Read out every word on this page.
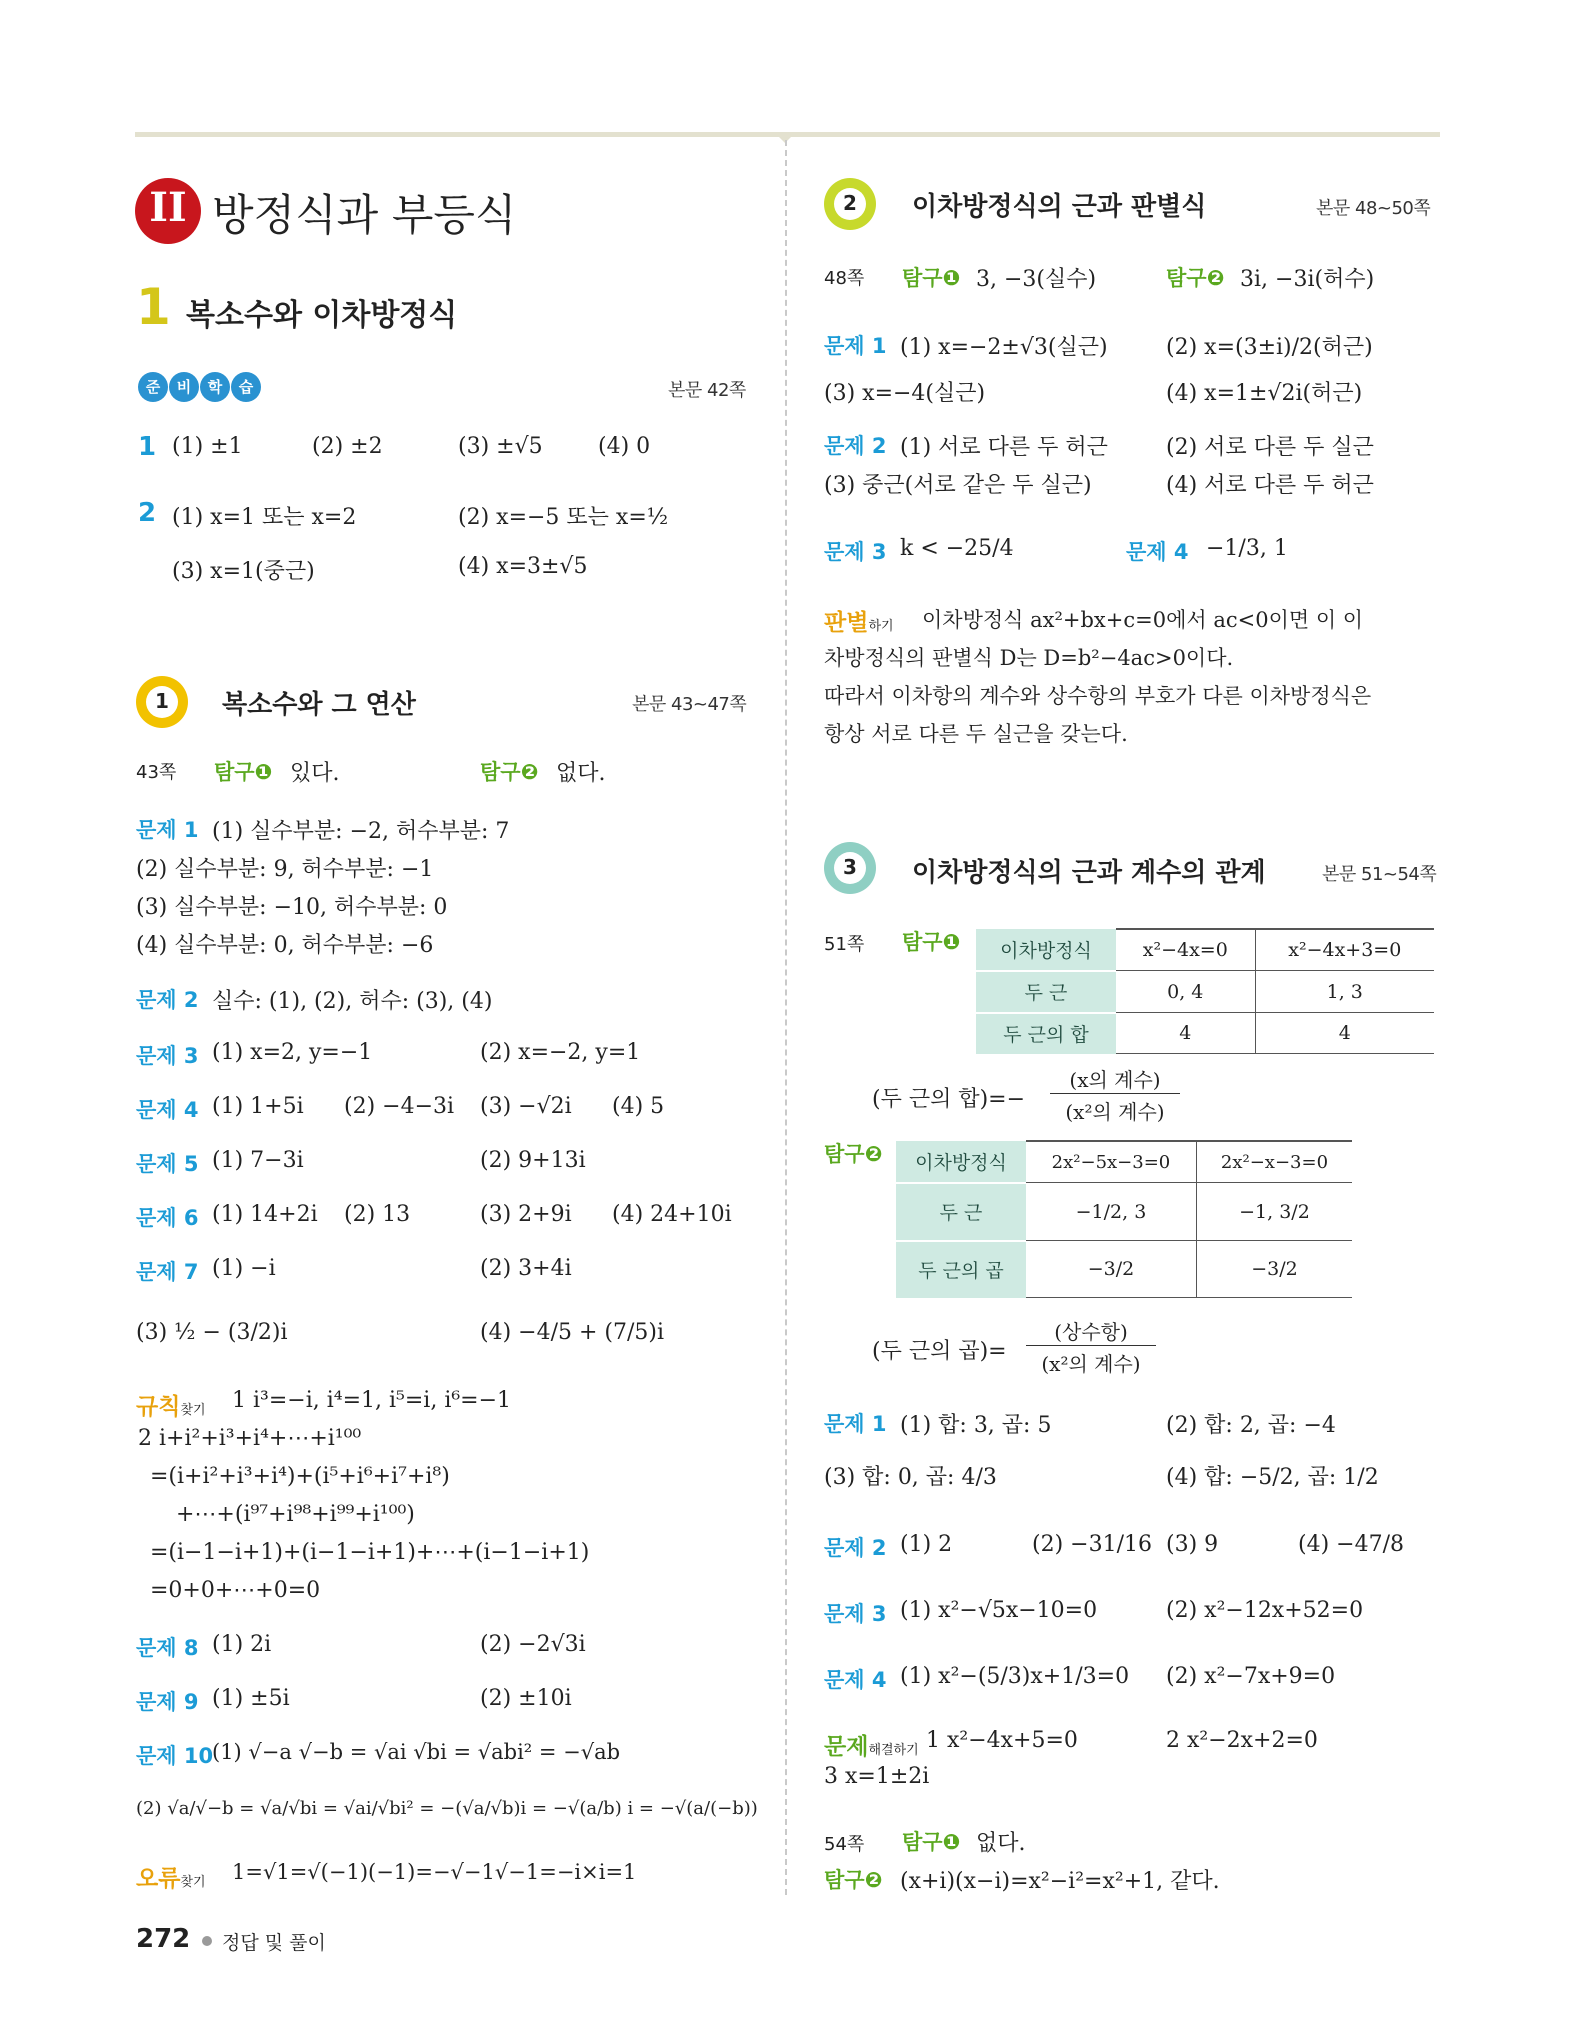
II 방정식과 부등식
1 복소수와 이차방정식
준 비 학 습	본문 42쪽
1 (1) ±1	(2) ±2	(3) ±√5	(4) 0
2 (1) x=1 또는 x=2	(2) x=−5 또는 x=½
(3) x=1(중근)	(4) x=3±√5
1	복소수와 그 연산	본문 43~47쪽
43쪽 탐구❶ 있다.	탐구❷ 없다.
문제 1 (1) 실수부분: −2, 허수부분: 7
(2) 실수부분: 9, 허수부분: −1
(3) 실수부분: −10, 허수부분: 0
(4) 실수부분: 0, 허수부분: −6
문제 2 실수: (1), (2), 허수: (3), (4)
문제 3 (1) x=2, y=−1	(2) x=−2, y=1
문제 4 (1) 1+5i (2) −4−3i (3) −√2i (4) 5
문제 5 (1) 7−3i	(2) 9+13i
문제 6 (1) 14+2i (2) 13	(3) 2+9i (4) 24+10i
문제 7 (1) −i	(2) 3+4i
(3) ½ − (3/2)i	(4) −4/5 + (7/5)i
규칙찾기 1 i³=−i, i⁴=1, i⁵=i, i⁶=−1
2 i+i²+i³+i⁴+⋯+i¹⁰⁰
=(i+i²+i³+i⁴)+(i⁵+i⁶+i⁷+i⁸)
+⋯+(i⁹⁷+i⁹⁸+i⁹⁹+i¹⁰⁰)
=(i−1−i+1)+(i−1−i+1)+⋯+(i−1−i+1)
=0+0+⋯+0=0
문제 8 (1) 2i	(2) −2√3i
문제 9 (1) ±5i	(2) ±10i
문제 10
(1) √−a √−b = √ai √bi = √abi² = −√ab
(2) √a/√−b = √a/√bi = √ai/√bi² = −(√a/√b)i = −√(a/b) i = −√(a/(−b))
오류찾기 1=√1=√(−1)(−1)=−√−1√−1=−i×i=1
2	이차방정식의 근과 판별식	본문 48~50쪽
48쪽 탐구❶ 3, −3(실수)	탐구❷ 3i, −3i(허수)
문제 1 (1) x=−2±√3(실근)	(2) x=(3±i)/2(허근)
(3) x=−4(실근)	(4) x=1±√2i(허근)
문제 2 (1) 서로 다른 두 허근	(2) 서로 다른 두 실근
(3) 중근(서로 같은 두 실근)	(4) 서로 다른 두 허근
문제 3 k < −25/4	문제 4 −1/3, 1
판별하기 이차방정식 ax²+bx+c=0에서 ac<0이면 이 이
차방정식의 판별식 D는 D=b²−4ac>0이다.
따라서 이차항의 계수와 상수항의 부호가 다른 이차방정식은
항상 서로 다른 두 실근을 갖는다.
3	이차방정식의 근과 계수의 관계	본문 51~54쪽
51쪽 탐구❶ 이차방정식	x²−4x=0	x²−4x+3=0
두 근	0, 4	1, 3
두 근의 합	4	4
(두 근의 합)=−
(x의 계수)
(x²의 계수)
탐구❷ 이차방정식	2x²−5x−3=0	2x²−x−3=0
두 근	−1/2, 3	−1, 3/2
두 근의 곱	−3/2	−3/2
(두 근의 곱)=
(상수항)
(x²의 계수)
문제 1 (1) 합: 3, 곱: 5	(2) 합: 2, 곱: −4
(3) 합: 0, 곱: 4/3	(4) 합: −5/2, 곱: 1/2
문제 2 (1) 2	(2) −31/16 (3) 9	(4) −47/8
문제 3 (1) x²−√5x−10=0	(2) x²−12x+52=0
문제 4 (1) x²−(5/3)x+1/3=0 (2) x²−7x+9=0
문제해결하기 1 x²−4x+5=0	2 x²−2x+2=0
3 x=1±2i
54쪽 탐구❶ 없다.
탐구❷ (x+i)(x−i)=x²−i²=x²+1, 같다.
272 정답 및 풀이
